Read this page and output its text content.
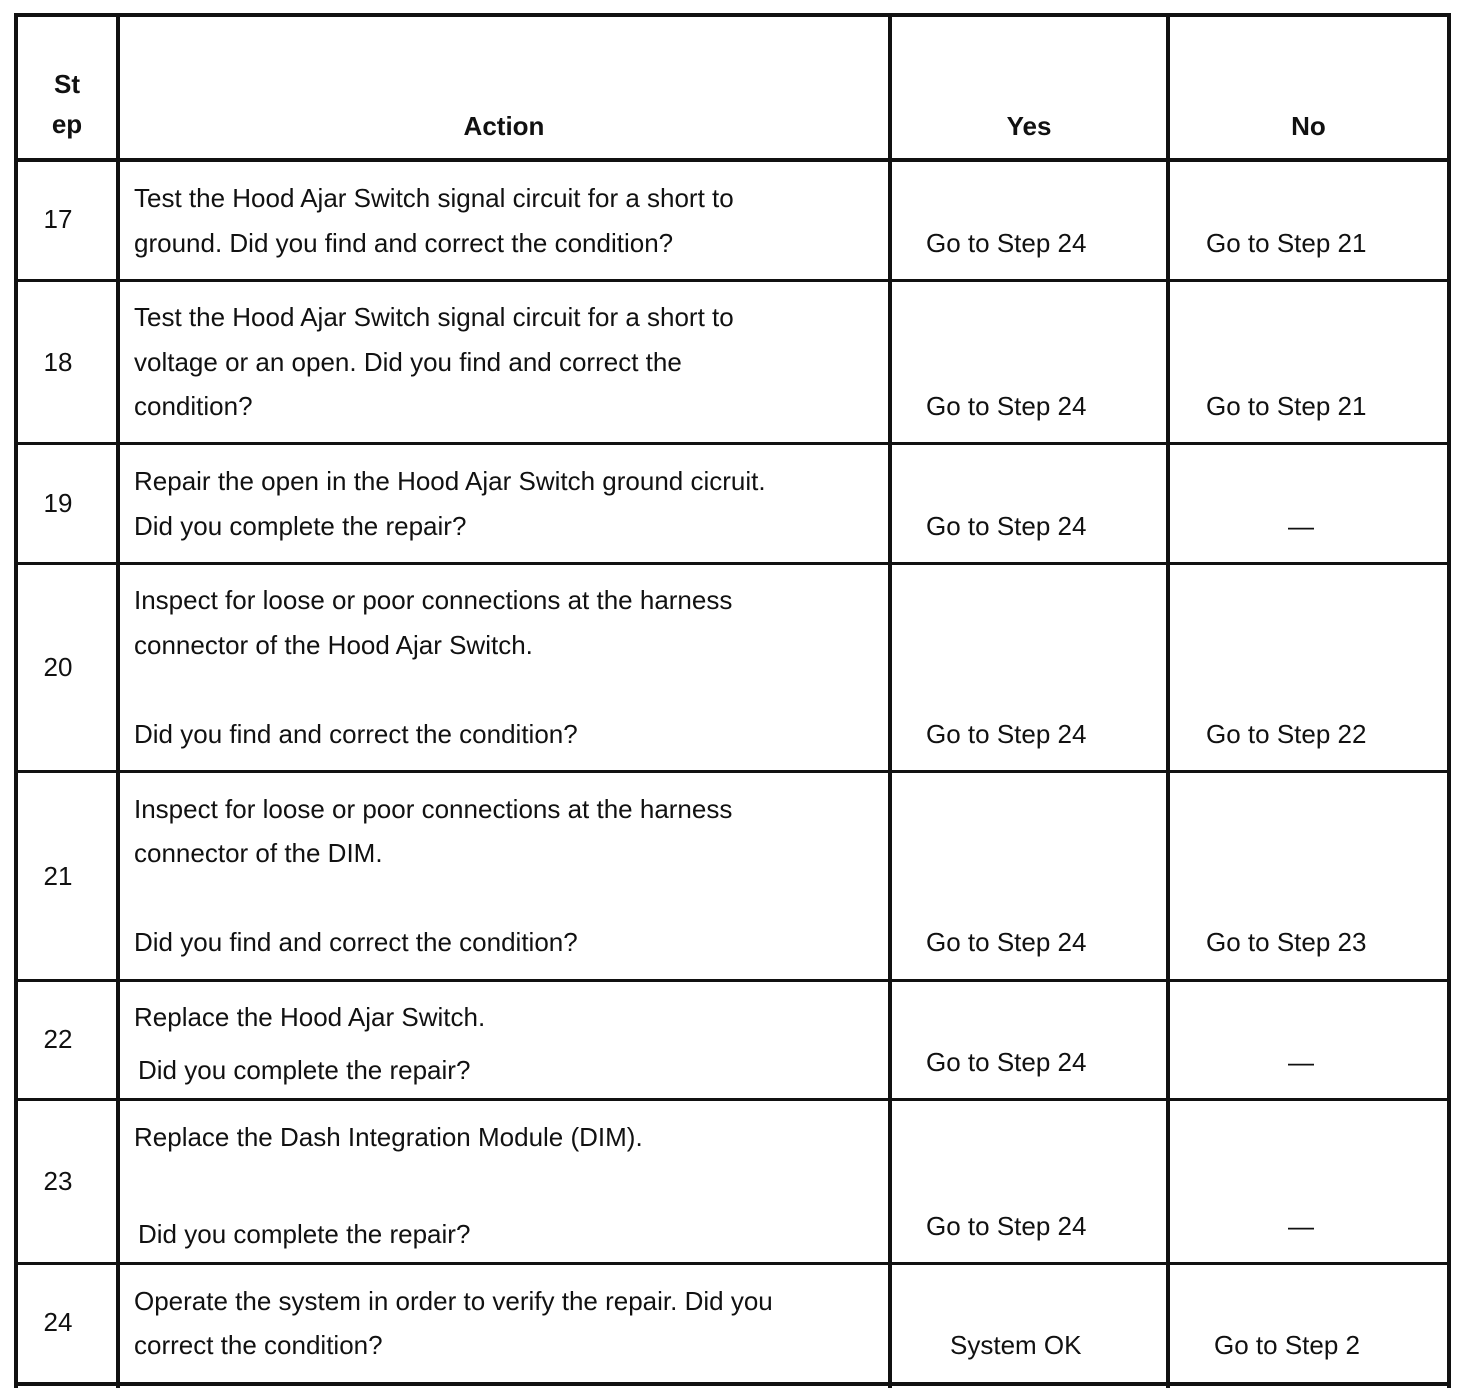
St
ep	Action	Yes	No
17
Test the Hood Ajar Switch signal circuit for a short to
ground. Did you find and correct the condition?	Go to Step 24	Go to Step 21
18
Test the Hood Ajar Switch signal circuit for a short to
voltage or an open. Did you find and correct the
condition?	Go to Step 24	Go to Step 21
19
Repair the open in the Hood Ajar Switch ground cicruit.
Did you complete the repair?	Go to Step 24	—
20
Inspect for loose or poor connections at the harness
connector of the Hood Ajar Switch.
Did you find and correct the condition?	Go to Step 24	Go to Step 22
21
Inspect for loose or poor connections at the harness
connector of the DIM.
Did you find and correct the condition?	Go to Step 24	Go to Step 23
22
Replace the Hood Ajar Switch.
Did you complete the repair?	Go to Step 24	—
23
Replace the Dash Integration Module (DIM).
Did you complete the repair?	Go to Step 24	—
24
Operate the system in order to verify the repair. Did you
correct the condition?	System OK	Go to Step 2
